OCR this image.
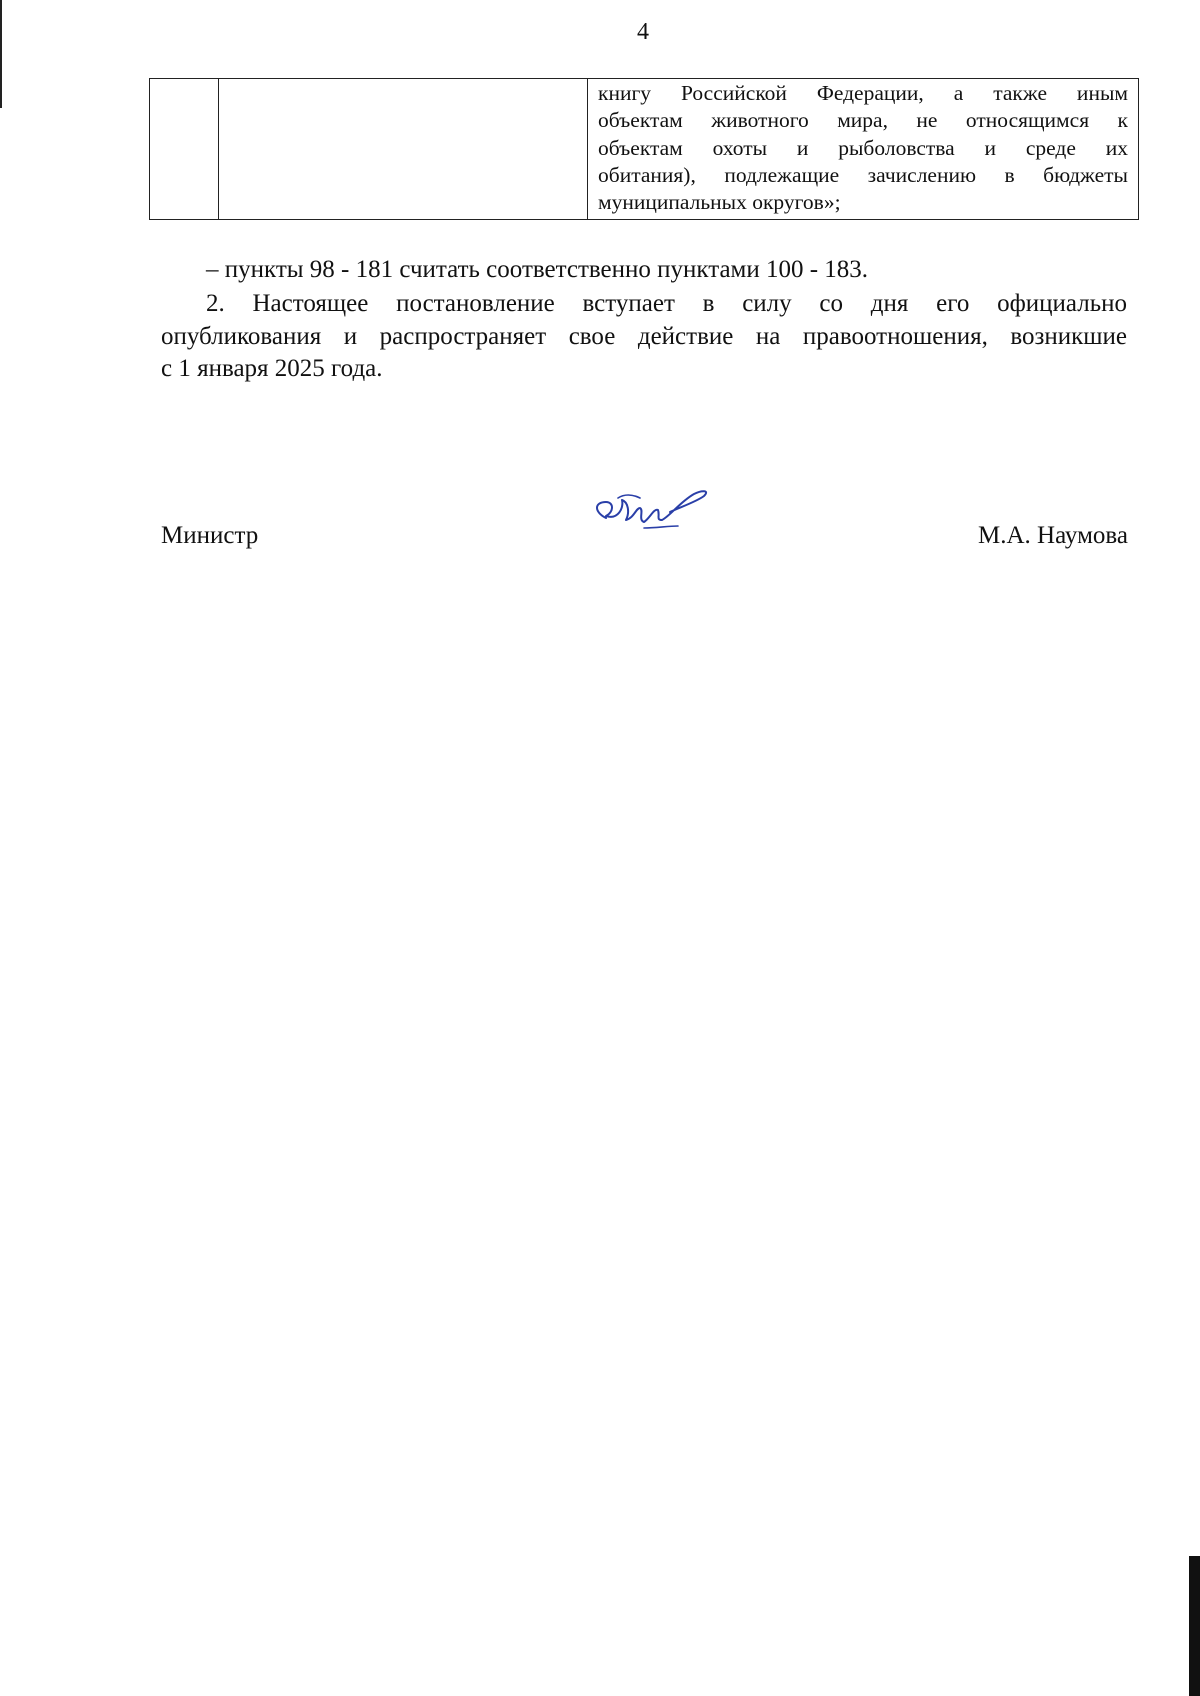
4

книгу Российской Федерации, а также иным
объектам животного мира, не относящимся к
объектам охоты и рыболовства и среде их
обитания), подлежащие зачислению в бюджеты
муниципальных округов»;
– пункты 98 - 181 считать соответственно пунктами 100 - 183.
2. Настоящее постановление вступает в силу со дня его официально
опубликования и распространяет свое действие на правоотношения, возникшие
с 1 января 2025 года.
Министр	М.А. Наумова
